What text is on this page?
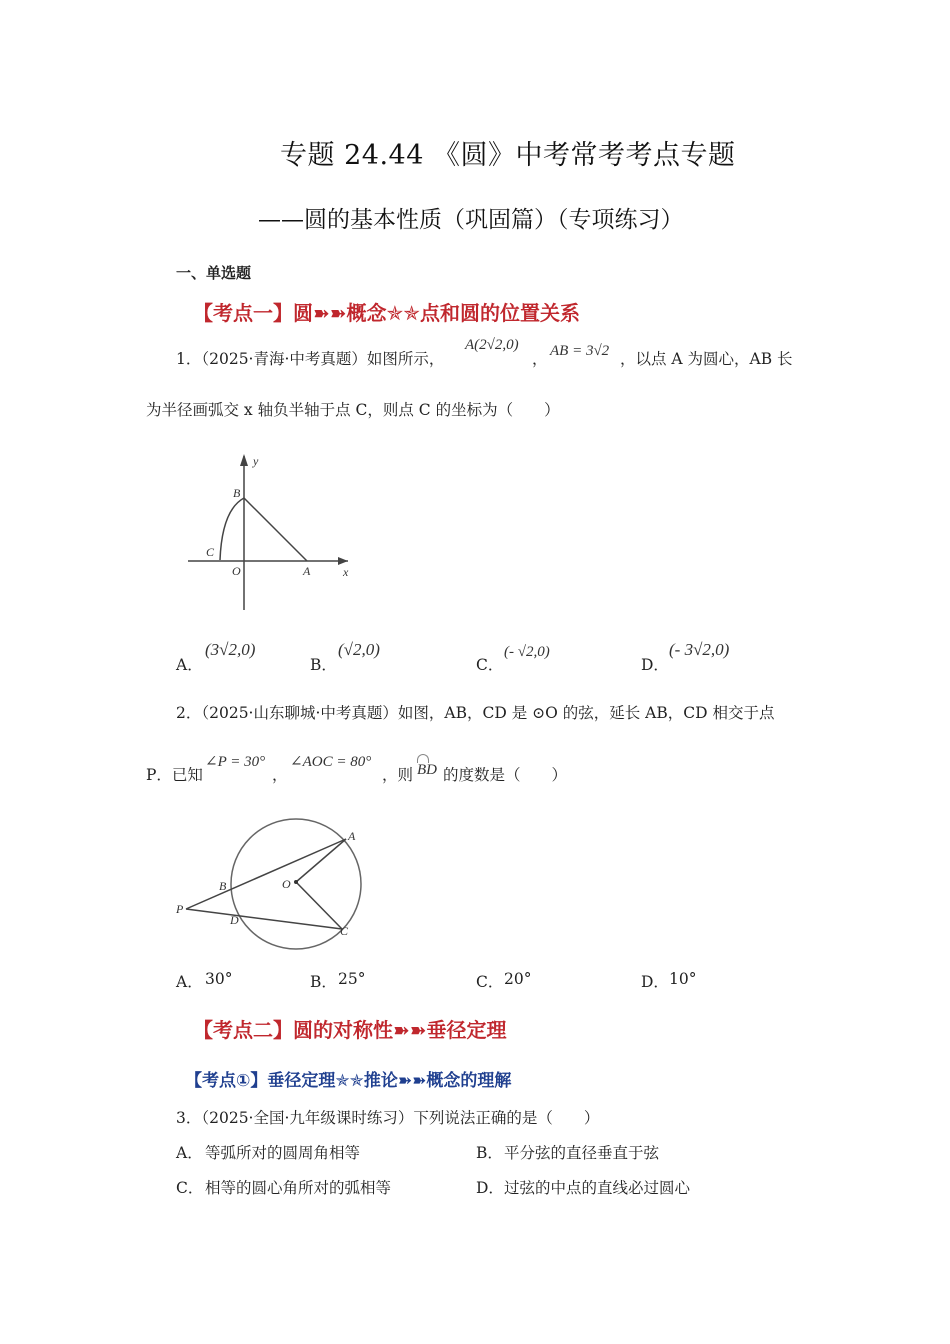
专题 24.44 《圆》中考常考考点专题
——圆的基本性质（巩固篇）（专项练习）
一、单选题
【考点一】圆➽➽概念✯✯点和圆的位置关系
1．（2025·青海·中考真题）如图所示，
A(2√2,0)
， AB = 3√2 ，以点 A 为圆心，AB 长
为半径画弧交 x 轴负半轴于点 C，则点 C 的坐标为（　　）
y
x
B
C
O	A
A．
(3√2,0)
B．
(√2,0)
C．
(- √2,0)
D．
(- 3√2,0)
2．（2025·山东聊城·中考真题）如图，AB，CD 是 ⊙O 的弦，延长 AB，CD 相交于点
P．已知
∠P = 30°
，
∠AOC = 80°
，则 BD 的度数是（　　）
A
B	O
P
D
C
A． 30°	B． 25°	C． 20°	D． 10°
【考点二】圆的对称性➽➽垂径定理
【考点①】垂径定理✯✯推论➽➽概念的理解
3．（2025·全国·九年级课时练习）下列说法正确的是（　　）
A． 等弧所对的圆周角相等	B． 平分弦的直径垂直于弦
C． 相等的圆心角所对的弧相等	D． 过弦的中点的直线必过圆心
